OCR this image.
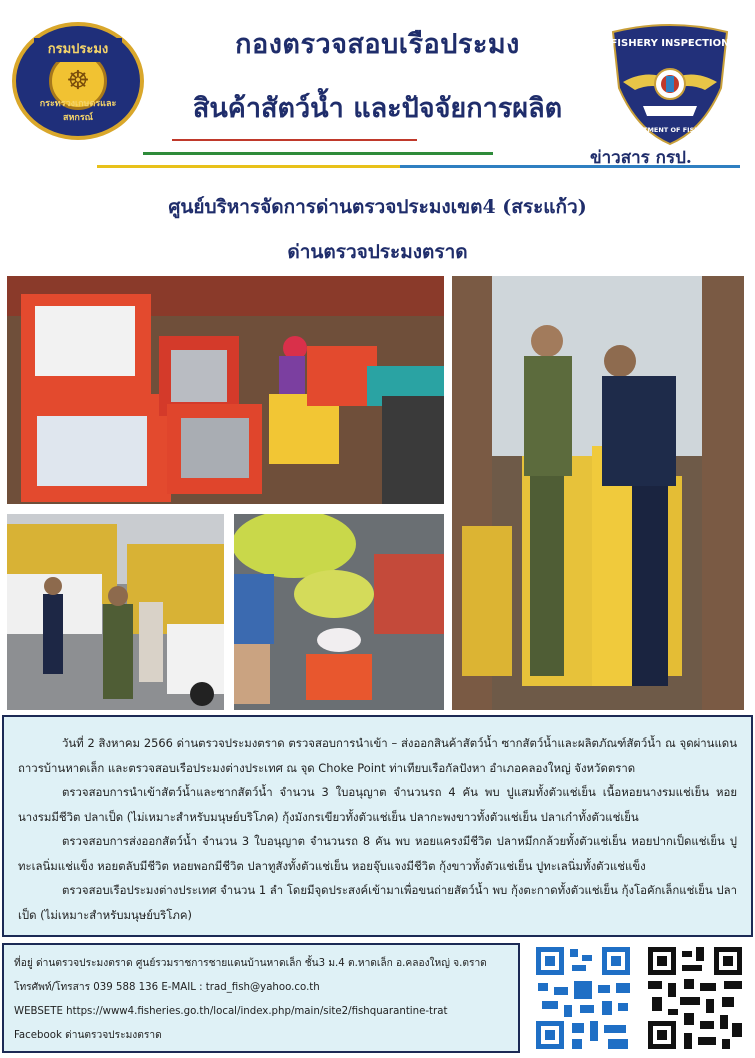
กรมประมง
☸
กระทรวงเกษตรและสหกรณ์
กองตรวจสอบเรือประมง
สินค้าสัตว์น้ำ และปัจจัยการผลิต
FISHERY INSPECTION
DEPARTMENT OF FISHERIES
ข่าวสาร กรป.
ศูนย์บริหารจัดการด่านตรวจประมงเขต4 (สระแก้ว)
ด่านตรวจประมงตราด

วันที่ 2 สิงหาคม 2566 ด่านตรวจประมงตราด ตรวจสอบการนำเข้า – ส่งออกสินค้าสัตว์น้ำ ซากสัตว์น้ำและผลิตภัณฑ์สัตว์น้ำ ณ จุดผ่านแดนถาวรบ้านหาดเล็ก และตรวจสอบเรือประมงต่างประเทศ ณ จุด Choke Point ท่าเทียบเรือกัลปังหา อำเภอคลองใหญ่ จังหวัดตราด

ตรวจสอบการนำเข้าสัตว์น้ำและซากสัตว์น้ำ จำนวน 3 ใบอนุญาต จำนวนรถ 4 คัน พบ ปูแสมทั้งตัวแช่เย็น เนื้อหอยนางรมแช่เย็น หอยนางรมมีชีวิต ปลาเป็ด (ไม่เหมาะสำหรับมนุษย์บริโภค) กุ้งมังกรเขียวทั้งตัวแช่เย็น ปลากะพงขาวทั้งตัวแช่เย็น ปลาเก๋าทั้งตัวแช่เย็น

ตรวจสอบการส่งออกสัตว์น้ำ จำนวน 3 ใบอนุญาต จำนวนรถ 8 คัน พบ หอยแครงมีชีวิต ปลาหมึกกล้วยทั้งตัวแช่เย็น หอยปากเป็ดแช่เย็น ปูทะเลนิ่มแช่แข็ง หอยตลับมีชีวิต หอยพอกมีชีวิต ปลาทูสังทั้งตัวแช่เย็น หอยจุ๊บแจงมีชีวิต กุ้งขาวทั้งตัวแช่เย็น ปูทะเลนิ่มทั้งตัวแช่แข็ง

ตรวจสอบเรือประมงต่างประเทศ จำนวน 1 ลำ โดยมีจุดประสงค์เข้ามาเพื่อขนถ่ายสัตว์น้ำ พบ กุ้งตะกาดทั้งตัวแช่เย็น กุ้งโอคักเล็กแช่เย็น ปลาเป็ด (ไม่เหมาะสำหรับมนุษย์บริโภค)

ที่อยู่ ด่านตรวจประมงตราด ศูนย์รวมราชการชายแดนบ้านหาดเล็ก ชั้น3 ม.4 ต.หาดเล็ก อ.คลองใหญ่ จ.ตราด
โทรศัพท์/โทรสาร 039 588 136 E-MAIL : trad_fish@yahoo.co.th
WEBSETE https://www4.fisheries.go.th/local/index.php/main/site2/fishquarantine-trat
Facebook ด่านตรวจประมงตราด
